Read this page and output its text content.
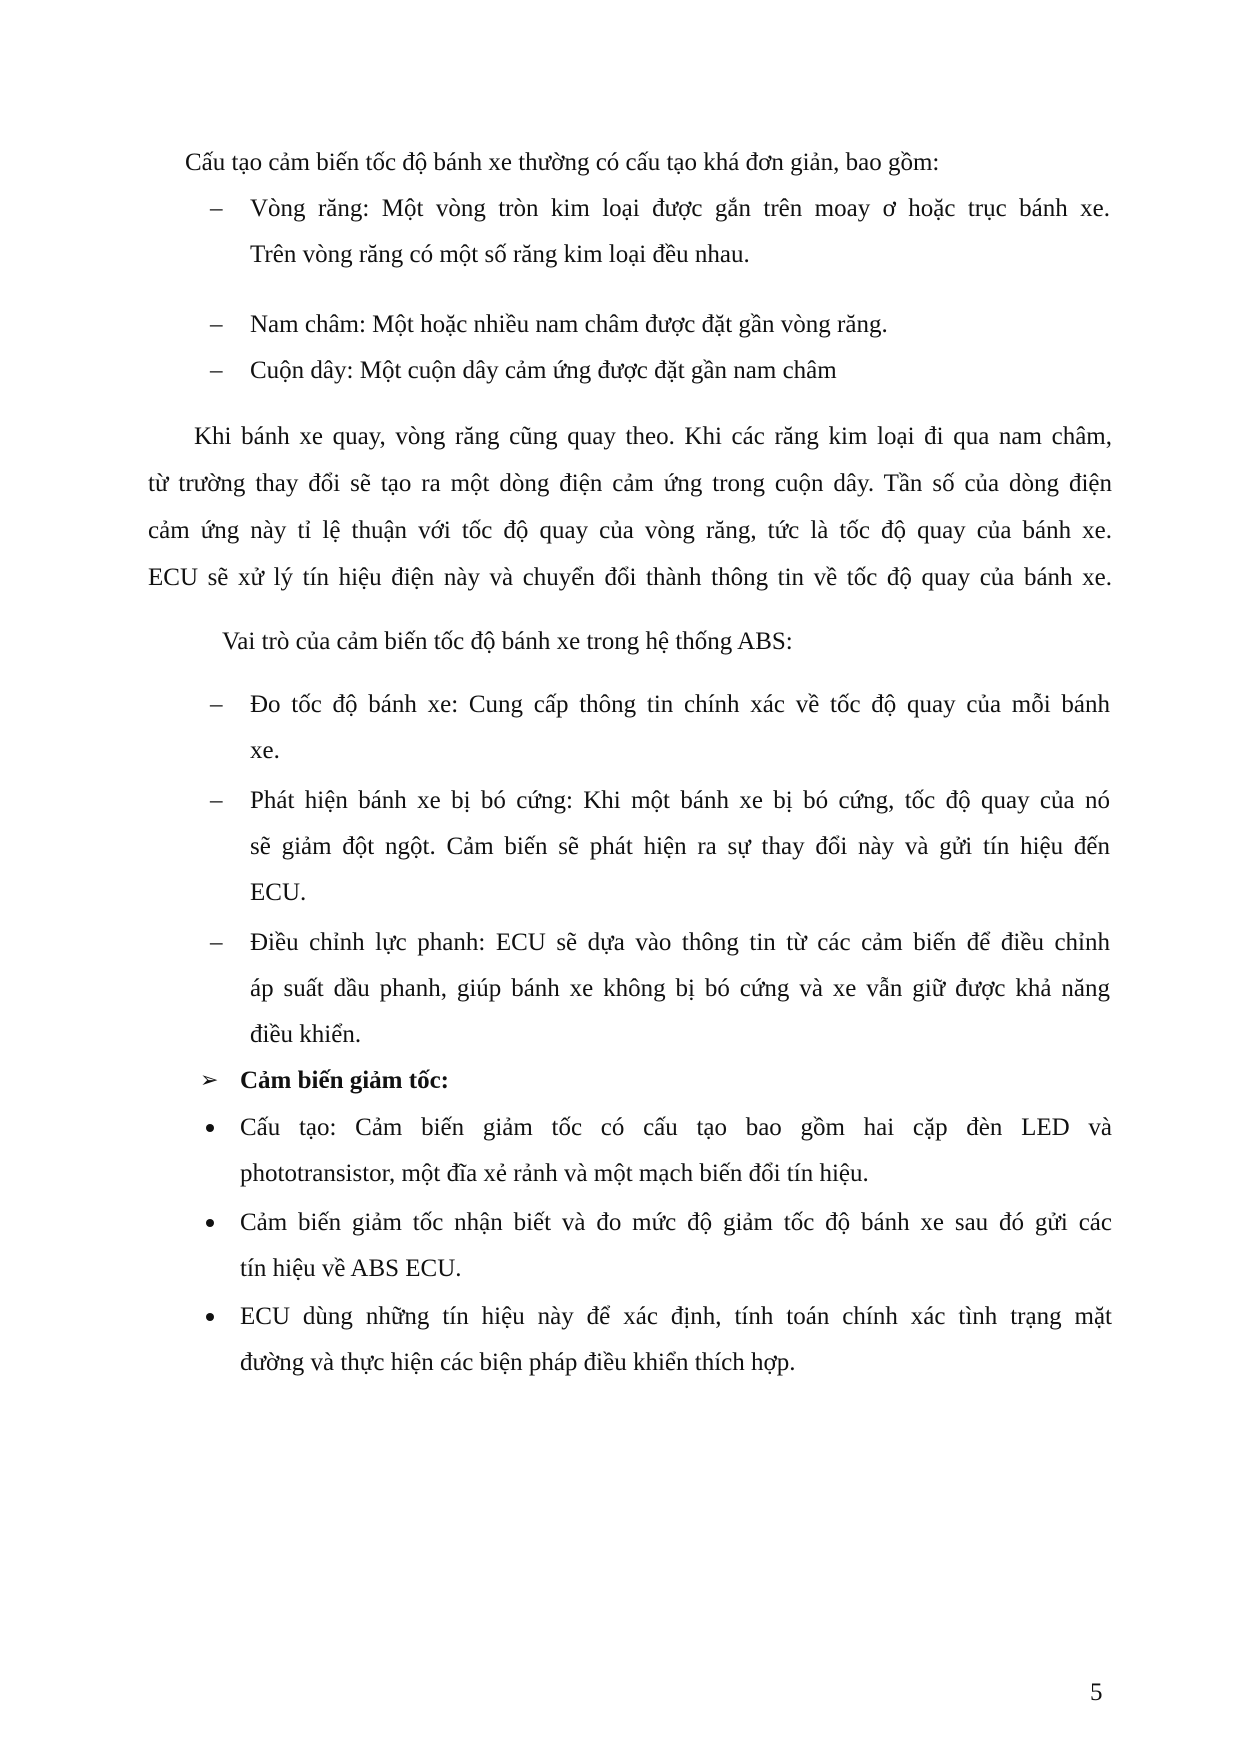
Cấu tạo cảm biến tốc độ bánh xe thường có cấu tạo khá đơn giản, bao gồm:

–	Vòng răng: Một vòng tròn kim loại được gắn trên moay ơ hoặc trục bánh xe.
Trên vòng răng có một số răng kim loại đều nhau.
–	Nam châm: Một hoặc nhiều nam châm được đặt gần vòng răng.
–	Cuộn dây: Một cuộn dây cảm ứng được đặt gần nam châm

Khi bánh xe quay, vòng răng cũng quay theo. Khi các răng kim loại đi qua nam châm,

từ trường thay đổi sẽ tạo ra một dòng điện cảm ứng trong cuộn dây. Tần số của dòng điện

cảm ứng này tỉ lệ thuận với tốc độ quay của vòng răng, tức là tốc độ quay của bánh xe.

ECU sẽ xử lý tín hiệu điện này và chuyển đổi thành thông tin về tốc độ quay của bánh xe.

Vai trò của cảm biến tốc độ bánh xe trong hệ thống ABS:

–	Đo tốc độ bánh xe: Cung cấp thông tin chính xác về tốc độ quay của mỗi bánh
xe.
–	Phát hiện bánh xe bị bó cứng: Khi một bánh xe bị bó cứng, tốc độ quay của nó
sẽ giảm đột ngột. Cảm biến sẽ phát hiện ra sự thay đổi này và gửi tín hiệu đến
ECU.
–	Điều chỉnh lực phanh: ECU sẽ dựa vào thông tin từ các cảm biến để điều chỉnh
áp suất dầu phanh, giúp bánh xe không bị bó cứng và xe vẫn giữ được khả năng
điều khiển.
➢ Cảm biến giảm tốc:
Cấu tạo: Cảm biến giảm tốc có cấu tạo bao gồm hai cặp đèn LED và
phototransistor, một đĩa xẻ rảnh và một mạch biến đổi tín hiệu.
Cảm biến giảm tốc nhận biết và đo mức độ giảm tốc độ bánh xe sau đó gửi các
tín hiệu về ABS ECU.
ECU dùng những tín hiệu này để xác định, tính toán chính xác tình trạng mặt
đường và thực hiện các biện pháp điều khiển thích hợp.
5
